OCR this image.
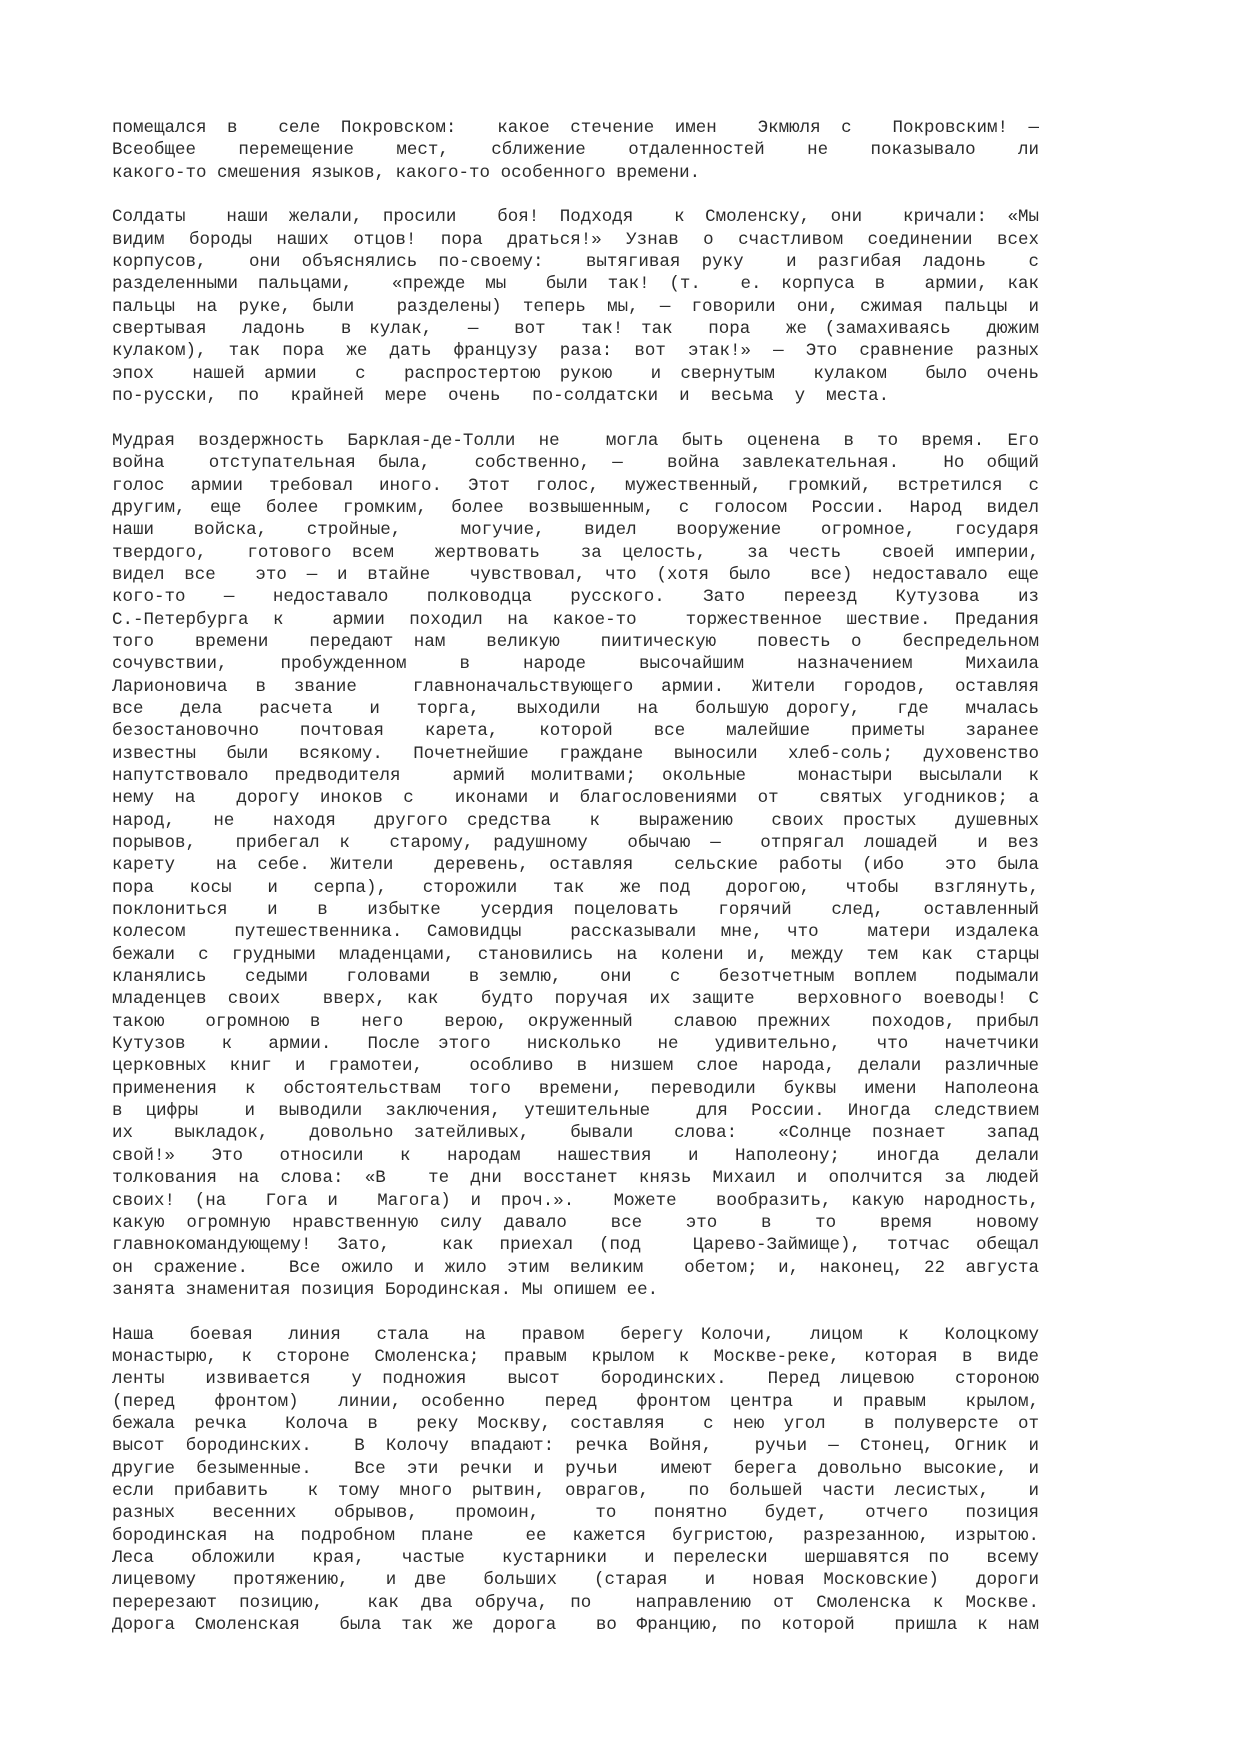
помещался в  селе Покровском:  какое стечение имен  Экмюля с  Покровским! —
Всеобщее  перемещение  мест,  сближение  отдаленностей  не  показывало  ли
какого-то смешения языков, какого-то особенного времени.
Солдаты  наши желали, просили  боя! Подходя  к Смоленску, они  кричали: «Мы
видим бороды наших отцов! пора драться!» Узнав о счастливом соединении всех
корпусов,  они объяснялись по-своему:  вытягивая руку  и разгибая ладонь  с
разделенными пальцами,  «прежде мы  были так! (т.  е. корпуса в  армии, как
пальцы на руке, были  разделены) теперь мы, — говорили они, сжимая пальцы и
свертывая  ладонь  в кулак,  —  вот  так! так  пора  же (замахиваясь  дюжим
кулаком), так пора же дать французу раза: вот этак!» — Это сравнение разных
эпох  нашей армии  с  распростертою рукою  и свернутым  кулаком  было очень
по-русски,  по   крайней  мере  очень   по-солдатски  и  весьма  у  места.
Мудрая воздержность Барклая-де-Толли не  могла быть оценена в то время. Его
война  отступательная была,  собственно, —  война завлекательная.  Но общий
голос армии требовал иного. Этот голос, мужественный, громкий, встретился с
другим, еще более громким, более возвышенным, с голосом России. Народ видел
наши  войска,  стройные,   могучие,  видел  вооружение  огромное,  государя
твердого,  готового всем  жертвовать  за целость,  за честь  своей империи,
видел все  это — и втайне  чувствовал, что (хотя было  все) недоставало еще
кого-то  —  недоставало  полководца  русского.  Зато  переезд  Кутузова  из
С.-Петербурга к  армии походил на какое-то  торжественное шествие. Предания
того  времени  передают нам  великую  пиитическую  повесть о  беспредельном
сочувствии,  пробужденном  в  народе  высочайшим  назначением  Михаила
Ларионовича в звание  главноначальствующего армии. Жители городов, оставляя
все  дела  расчета  и  торга,  выходили  на  большую дорогу,  где  мчалась
безостановочно  почтовая  карета,  которой  все  малейшие  приметы  заранее
известны были всякому. Почетнейшие граждане выносили хлеб-соль; духовенство
напутствовало предводителя  армий молитвами; окольные  монастыри высылали к
нему на  дорогу иноков с  иконами и благословениями от  святых угодников; а
народ,  не  находя  другого средства  к  выражению  своих простых  душевных
порывов,  прибегал к  старому, радушному  обычаю —  отпрягал лошадей  и вез
карету  на себе. Жители  деревень, оставляя  сельские работы (ибо  это была
пора  косы  и  серпа),  сторожили  так  же под  дорогою,  чтобы  взглянуть,
поклониться  и  в  избытке  усердия поцеловать  горячий  след,  оставленный
колесом  путешественника. Самовидцы  рассказывали мне, что  матери издалека
бежали с грудными младенцами, становились на колени и, между тем как старцы
кланялись  седыми  головами  в землю,  они  с  безотчетным воплем  подымали
младенцев своих  вверх, как  будто поручая их защите  верховного воеводы! С
такою  огромною в  него  верою, окруженный  славою прежних  походов, прибыл
Кутузов  к  армии.  После этого  нисколько  не  удивительно,  что  начетчики
церковных книг и грамотеи,  особливо в низшем слое народа, делали различные
применения к обстоятельствам того времени, переводили буквы имени Наполеона
в цифры  и выводили заключения, утешительные  для России. Иногда следствием
их  выкладок,  довольно затейливых,  бывали  слова:  «Солнце познает  запад
свой!»  Это  относили  к  народам  нашествия  и  Наполеону;  иногда  делали
толкования на слова: «В  те дни восстанет князь Михаил и ополчится за людей
своих! (на  Гога и  Магога) и проч.».  Можете  вообразить, какую народность,
какую огромную нравственную силу давало  все  это  в  то  время  новому
главнокомандующему! Зато,  как приехал (под  Царево-Займище), тотчас обещал
он сражение.  Все ожило и жило этим великим  обетом; и, наконец, 22 августа
занята знаменитая позиция Бородинская. Мы опишем ее.
Наша  боевая  линия  стала  на  правом  берегу Колочи,  лицом  к  Колоцкому
монастырю, к стороне Смоленска; правым крылом к Москве-реке, которая в виде
ленты  извивается  у подножия  высот  бородинских.  Перед лицевою  стороною
(перед  фронтом)  линии, особенно  перед  фронтом центра  и правым  крылом,
бежала речка  Колоча в  реку Москву, составляя  с нею угол  в полуверсте от
высот бородинских.  В Колочу впадают: речка Войня,  ручьи — Стонец, Огник и
другие безыменные.  Все эти речки и ручьи  имеют берега довольно высокие, и
если прибавить  к тому много рытвин, оврагов,  по большей части лесистых,  и
разных  весенних  обрывов,  промоин,   то  понятно  будет,  отчего  позиция
бородинская на подробном плане  ее кажется бугристою, разрезанною, изрытою.
Леса  обложили  края,  частые  кустарники  и перелески  шершавятся по  всему
лицевому  протяжению,  и две  больших  (старая  и  новая Московские)  дороги
перерезают позицию,  как два обруча, по  направлению от Смоленска к Москве.
Дорога Смоленская  была так же дорога  во Францию, по которой  пришла к нам
